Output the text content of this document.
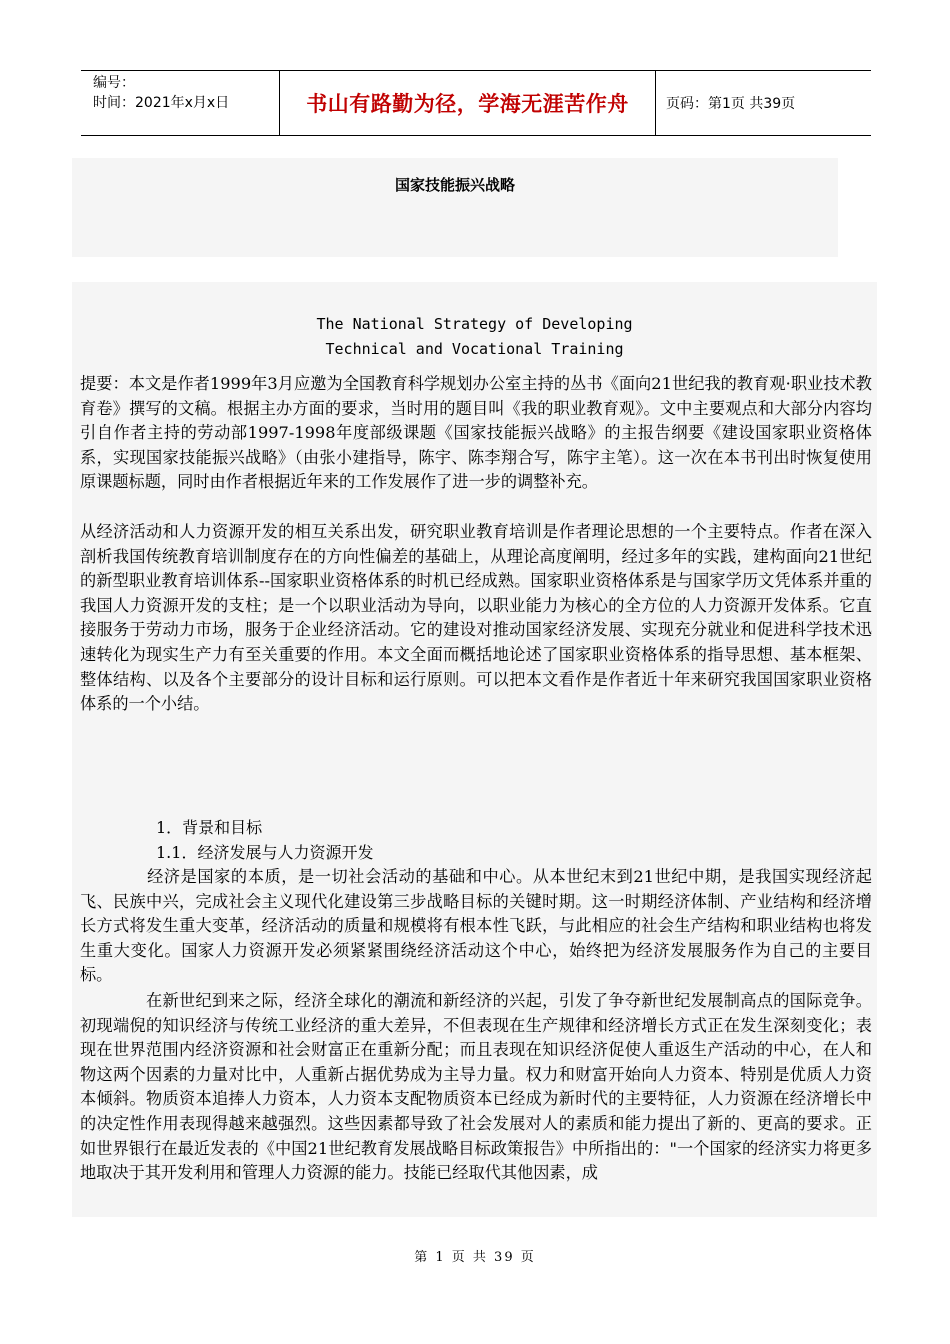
编号：
时间：2021年x月x日	书山有路勤为径，学海无涯苦作舟	页码：第1页 共39页
国家技能振兴战略
The National Strategy of Developing
Technical and Vocational Training
提要：本文是作者1999年3月应邀为全国教育科学规划办公室主持的丛书《面向21世纪我的教育观·职业技术教育卷》撰写的文稿。根据主办方面的要求，当时用的题目叫《我的职业教育观》。文中主要观点和大部分内容均引自作者主持的劳动部1997-1998年度部级课题《国家技能振兴战略》的主报告纲要《建设国家职业资格体系，实现国家技能振兴战略》（由张小建指导，陈宇、陈李翔合写，陈宇主笔）。这一次在本书刊出时恢复使用原课题标题，同时由作者根据近年来的工作发展作了进一步的调整补充。
从经济活动和人力资源开发的相互关系出发，研究职业教育培训是作者理论思想的一个主要特点。作者在深入剖析我国传统教育培训制度存在的方向性偏差的基础上，从理论高度阐明，经过多年的实践，建构面向21世纪的新型职业教育培训体系--国家职业资格体系的时机已经成熟。国家职业资格体系是与国家学历文凭体系并重的我国人力资源开发的支柱；是一个以职业活动为导向，以职业能力为核心的全方位的人力资源开发体系。它直接服务于劳动力市场，服务于企业经济活动。它的建设对推动国家经济发展、实现充分就业和促进科学技术迅速转化为现实生产力有至关重要的作用。本文全面而概括地论述了国家职业资格体系的指导思想、基本框架、整体结构、以及各个主要部分的设计目标和运行原则。可以把本文看作是作者近十年来研究我国国家职业资格体系的一个小结。
1．背景和目标
1.1．经济发展与人力资源开发
　　　　经济是国家的本质，是一切社会活动的基础和中心。从本世纪末到21世纪中期，是我国实现经济起飞、民族中兴，完成社会主义现代化建设第三步战略目标的关键时期。这一时期经济体制、产业结构和经济增长方式将发生重大变革，经济活动的质量和规模将有根本性飞跃，与此相应的社会生产结构和职业结构也将发生重大变化。国家人力资源开发必须紧紧围绕经济活动这个中心，始终把为经济发展服务作为自己的主要目标。
　　　　在新世纪到来之际，经济全球化的潮流和新经济的兴起，引发了争夺新世纪发展制高点的国际竞争。初现端倪的知识经济与传统工业经济的重大差异，不但表现在生产规律和经济增长方式正在发生深刻变化；表现在世界范围内经济资源和社会财富正在重新分配；而且表现在知识经济促使人重返生产活动的中心，在人和物这两个因素的力量对比中，人重新占据优势成为主导力量。权力和财富开始向人力资本、特别是优质人力资本倾斜。物质资本追捧人力资本，人力资本支配物质资本已经成为新时代的主要特征，人力资源在经济增长中的决定性作用表现得越来越强烈。这些因素都导致了社会发展对人的素质和能力提出了新的、更高的要求。正如世界银行在最近发表的《中国21世纪教育发展战略目标政策报告》中所指出的："一个国家的经济实力将更多地取决于其开发利用和管理人力资源的能力。技能已经取代其他因素，成
第 1 页 共 39 页
